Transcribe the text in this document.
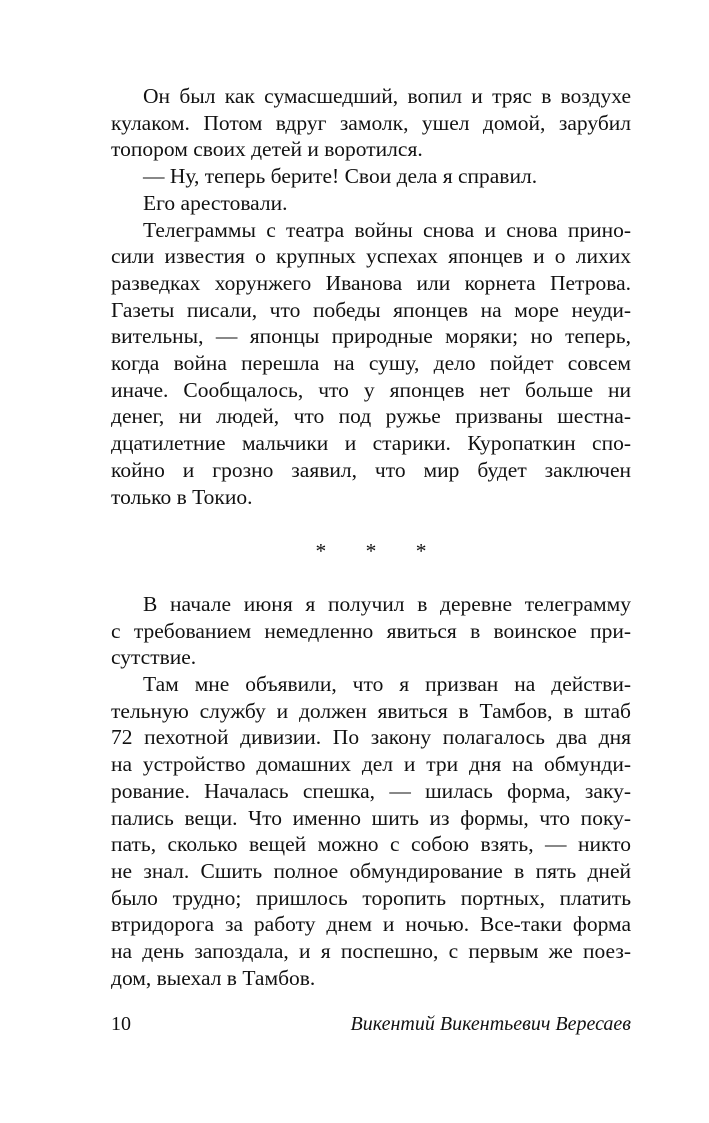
Он был как сумасшедший, вопил и тряс в воздухе
кулаком. Потом вдруг замолк, ушел домой, зарубил
топором своих детей и воротился.
— Ну, теперь берите! Свои дела я справил.
Его арестовали.
Телеграммы с театра войны снова и снова прино-
сили известия о крупных успехах японцев и о лихих
разведках хорунжего Иванова или корнета Петрова.
Газеты писали, что победы японцев на море неуди-
вительны, — японцы природные моряки; но теперь,
когда война перешла на сушу, дело пойдет совсем
иначе. Сообщалось, что у японцев нет больше ни
денег, ни людей, что под ружье призваны шестна-
дцатилетние мальчики и старики. Куропаткин спо-
койно и грозно заявил, что мир будет заключен
только в Токио.
* * *
В начале июня я получил в деревне телеграмму
с требованием немедленно явиться в воинское при-
сутствие.
Там мне объявили, что я призван на действи-
тельную службу и должен явиться в Тамбов, в штаб
72 пехотной дивизии. По закону полагалось два дня
на устройство домашних дел и три дня на обмунди-
рование. Началась спешка, — шилась форма, заку-
пались вещи. Что именно шить из формы, что поку-
пать, сколько вещей можно с собою взять, — никто
не знал. Сшить полное обмундирование в пять дней
было трудно; пришлось торопить портных, платить
втридорога за работу днем и ночью. Все-таки форма
на день запоздала, и я поспешно, с первым же поез-
дом, выехал в Тамбов.
10	Викентий Викентьевич Вересаев
